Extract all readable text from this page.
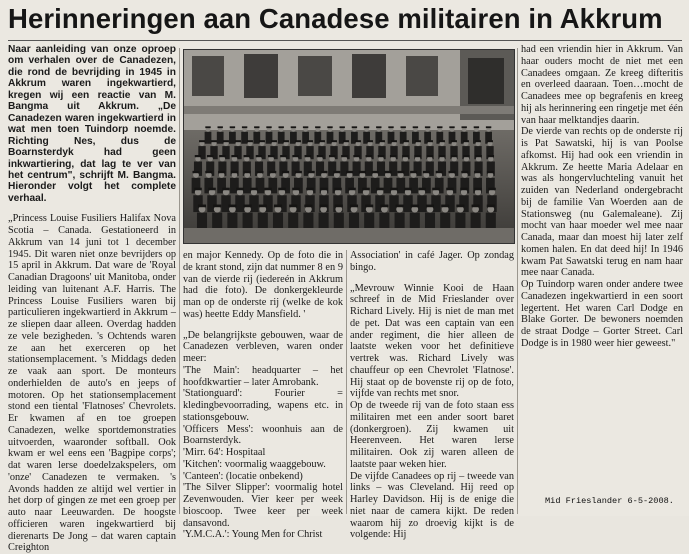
Herinneringen aan Canadese militairen in Akkrum

Naar aanleiding van onze oproep om verhalen over de Canadezen, die rond de bevrijding in 1945 in Akkrum waren ingekwartierd, kregen wij een reactie van M. Bangma uit Akkrum. „De Canadezen waren ingekwartierd in wat men toen Tuindorp noemde. Richting Nes, dus de Boarnsterdyk had geen inkwartiering, dat lag te ver van het centrum", schrijft M. Bangma. Hieronder volgt het complete verhaal.

„Princess Louise Fusiliers Halifax Nova Scotia – Canada. Gestationeerd in Akkrum van 14 juni tot 1 december 1945. Dit waren niet onze bevrijders op 15 april in Akkrum. Dat ware de 'Royal Canadian Dragoons' uit Manitoba, onder leiding van luitenant A.F. Harris. The Princess Louise Fusiliers waren bij particulieren ingekwartierd in Akkrum – ze sliepen daar alleen. Overdag hadden ze vele bezigheden. 's Ochtends waren ze aan het exerceren op het stationsemplacement. 's Middags deden ze vaak aan sport. De monteurs onderhielden de auto's en jeeps of motoren. Op het stationsemplacement stond een tiental 'Flatnoses' Chevrolets. Er kwamen af en toe groepen Canadezen, welke sportdemonstraties uitvoerden, waaronder softball. Ook kwam er wel eens een 'Bagpipe corps'; dat waren lerse doedelzakspelers, om 'onze' Canadezen te vermaken. 's Avonds hadden ze altijd wel vertier in het dorp of gingen ze met een groep per auto naar Leeuwarden. De hoogste officieren waren ingekwartierd bij dierenarts De Jong – dat waren captain Creighton

en major Kennedy. Op de foto die in de krant stond, zijn dat nummer 8 en 9 van de vierde rij (iedereén in Akkrum had die foto). De donkergekleurde man op de onderste rij (welke de kok was) heette Eddy Mansfield. '

„De belangrijkste gebouwen, waar de Canadezen verbleven, waren onder meer:

'The Main': headquarter – het hoofdkwartier – later Amrobank.

'Stationguard': Fourier = kledingbevoorrading, wapens etc. in stationsgebouw.

'Officers Mess': woonhuis aan de Boarnsterdyk.

'Mirr. 64': Hospitaal

'Kitchen': voormalig waaggebouw.

'Canteen': (locatie onbekend)

'The Silver Slipper': voormalig hotel Zevenwouden. Vier keer per week bioscoop. Twee keer per week dansavond.

'Y.M.C.A.': Young Men for Christ

Association' in café Jager. Op zondag bingo.

„Mevrouw Winnie Kooi de Haan schreef in de Mid Frieslander over Richard Lively. Hij is niet de man met de pet. Dat was een captain van een ander regiment, die hier alleen de laatste weken voor het definitieve vertrek was. Richard Lively was chauffeur op een Chevrolet 'Flatnose'. Hij staat op de bovenste rij op de foto, vijfde van rechts met snor.

Op de tweede rij van de foto staan ess militairen met een ander soort baret (donkergroen). Zij kwamen uit Heerenveen. Het waren lerse militairen. Ook zij waren alleen de laatste paar weken hier.

De vijfde Canadees op rij – tweede van links – was Cleveland. Hij reed op Harley Davidson. Hij is de enige die niet naar de camera kijkt. De reden waarom hij zo droevig kijkt is de volgende: Hij

had een vriendin hier in Akkrum. Van haar ouders mocht de niet met een Canadees omgaan. Ze kreeg difteritis en overleed daaraan. Toen…mocht de Canadees mee op begrafenis en kreeg hij als herinnering een ringetje met één van haar melktandjes daarin.

De vierde van rechts op de onderste rij is Pat Sawatski, hij is van Poolse afkomst. Hij had ook een vriendin in Akkrum. Ze heette Maria Adelaar en was als hongervluchteling vanuit het zuiden van Nederland ondergebracht bij de familie Van Woerden aan de Stationsweg (nu Galemaleane). Zij mocht van haar moeder wel mee naar Canada, maar dan moest hij later zelf komen halen. En dat deed hij! In 1946 kwam Pat Sawatski terug en nam haar mee naar Canada.

Op Tuindorp waren onder andere twee Canadezen ingekwartierd in een soort legertent. Het waren Carl Dodge en Blake Gorter. De bewoners noemden de straat Dodge – Gorter Street. Carl Dodge is in 1980 weer hier geweest."

Mid Frieslander 6-5-2008.
